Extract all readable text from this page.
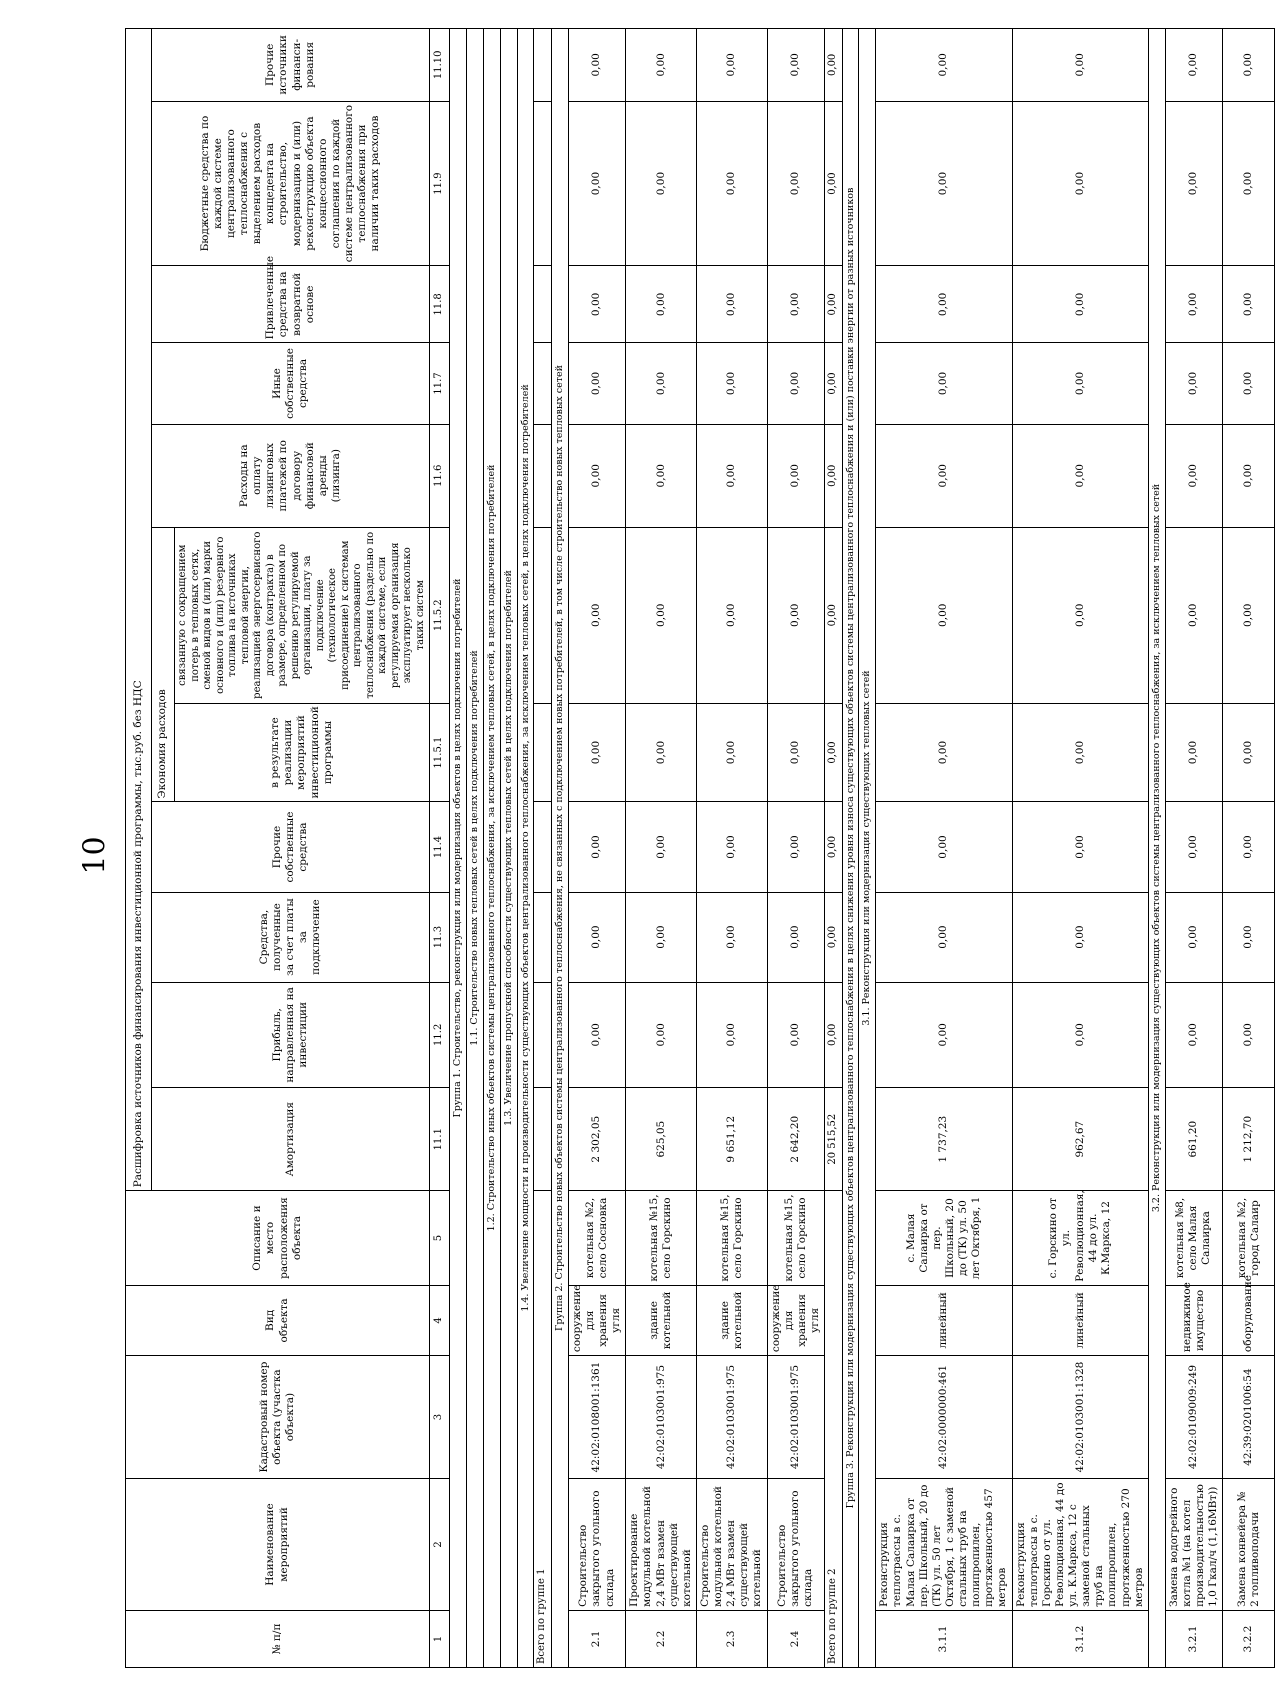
10
№ п/п	Наименование мероприятий	Кадастровый номер объекта (участка объекта)	Вид объекта	Описание и место расположения объекта	Расшифровка источников финансирования инвестиционной программы, тыс.руб. без НДС										
					Амортизация	Прибыль, направленная на инвестиции	Средства, полученные за счет платы за подключение	Прочие собственные средства	Экономия расходов		Расходы на оплату лизинговых платежей по договору финансовой аренды (лизинга)	Иные собственные средства	Привлеченные средства на возвратной основе	Бюджетные средства по каждой системе централизованного теплоснабжения с выделением расходов концедента на строительство, модернизацию и (или) реконструкцию объекта концессионного соглашения по каждой системе централизованного теплоснабжения при наличии таких расходов	Прочие источники финанси-рования
									в результате реализации мероприятий инвестиционной программы	связанную с сокращением потерь в тепловых сетях, сменой видов и (или) марки основного и (или) резервного топлива на источниках тепловой энергии, реализацией энергосервисного договора (контракта) в размере, определенном по решению регулируемой организации, плату за подключение (технологическое присоединение) к системам централизованного теплоснабжения (раздельно по каждой системе, если регулируемая организация эксплуатирует несколько таких систем					
1	2	3	4	5	11.1	11.2	11.3	11.4	11.5.1	11.5.2	11.6	11.7	11.8	11.9	11.10
Группа 1. Строительство, реконструкция или модернизация объектов в целях подключения потребителей															
1.1. Строительство новых тепловых сетей в целях подключения потребителей															
1.2. Строительство иных объектов системы централизованного теплоснабжения, за исключением тепловых сетей, в целях подключения потребителей															
1.3. Увеличение пропускной способности существующих тепловых сетей в целях подключения потребителей															
1.4. Увеличение мощности и производительности существующих объектов централизованного теплоснабжения, за исключением тепловых сетей, в целях подключения потребителей															
Всего по группе 1															
Группа 2. Строительство новых объектов системы централизованного теплоснабжения, не связанных с подключением новых потребителей, в том числе строительство новых тепловых сетей															
2.1	Строительство закрытого угольного склада	42:02:0108001:1361	сооружение для хранения угля	котельная №2, село Сосновка	2 302,05	0,00	0,00	0,00	0,00	0,00	0,00	0,00	0,00	0,00	0,00
2.2	Проектирование модульной котельной 2,4 МВт взамен существующей котельной	42:02:0103001:975	здание котельной	котельная №15, село Горскино	625,05	0,00	0,00	0,00	0,00	0,00	0,00	0,00	0,00	0,00	0,00
2.3	Строительство модульной котельной 2,4 МВт взамен существующей котельной	42:02:0103001:975	здание котельной	котельная №15, село Горскино	9 651,12	0,00	0,00	0,00	0,00	0,00	0,00	0,00	0,00	0,00	0,00
2.4	Строительство закрытого угольного склада	42:02:0103001:975	сооружение для хранения угля	котельная №15, село Горскино	2 642,20	0,00	0,00	0,00	0,00	0,00	0,00	0,00	0,00	0,00	0,00
Всего по группе 2					20 515,52	0,00	0,00	0,00	0,00	0,00	0,00	0,00	0,00	0,00	0,00
Группа 3. Реконструкция или модернизация существующих объектов централизованного теплоснабжения в целях снижения уровня износа существующих объектов системы централизованного теплоснабжения и (или) поставки энергии от разных источников															
3.1. Реконструкция или модернизация существующих тепловых сетей															
3.1.1	Реконструкция теплотрассы в с. Малая Салаирка от пер. Школьный, 20 до (ТК) ул. 50 лет Октября, 1 с заменой стальных труб на полипропилен, протяженностью 457 метров	42:02:0000000:461	линейный	с. Малая Салаирка от пер. Школьный, 20 до (ТК) ул. 50 лет Октября, 1	1 737,23	0,00	0,00	0,00	0,00	0,00	0,00	0,00	0,00	0,00	0,00
3.1.2	Реконструкция теплотрассы в с. Горскино от ул. Революционная, 44 до ул. К.Маркса, 12 с заменой стальных труб на полипропилен, протяженностью 270 метров	42:02:0103001:1328	линейный	с. Горскино от ул. Революционная, 44 до ул. К.Маркса, 12	962,67	0,00	0,00	0,00	0,00	0,00	0,00	0,00	0,00	0,00	0,00
3.2. Реконструкция или модернизация существующих объектов системы централизованного теплоснабжения, за исключением тепловых сетей															
3.2.1	Замена водогрейного котла №1 (на котел производительностью 1,0 Гкал/ч (1,16МВт))	42:02:0109009:249	недвижимое имущество	котельная №8, село Малая Салаирка	661,20	0,00	0,00	0,00	0,00	0,00	0,00	0,00	0,00	0,00	0,00
3.2.2	Замена конвейера № 2 топливоподачи	42:39:0201006:54	оборудование	котельная №2, город Салаир	1 212,70	0,00	0,00	0,00	0,00	0,00	0,00	0,00	0,00	0,00	0,00
